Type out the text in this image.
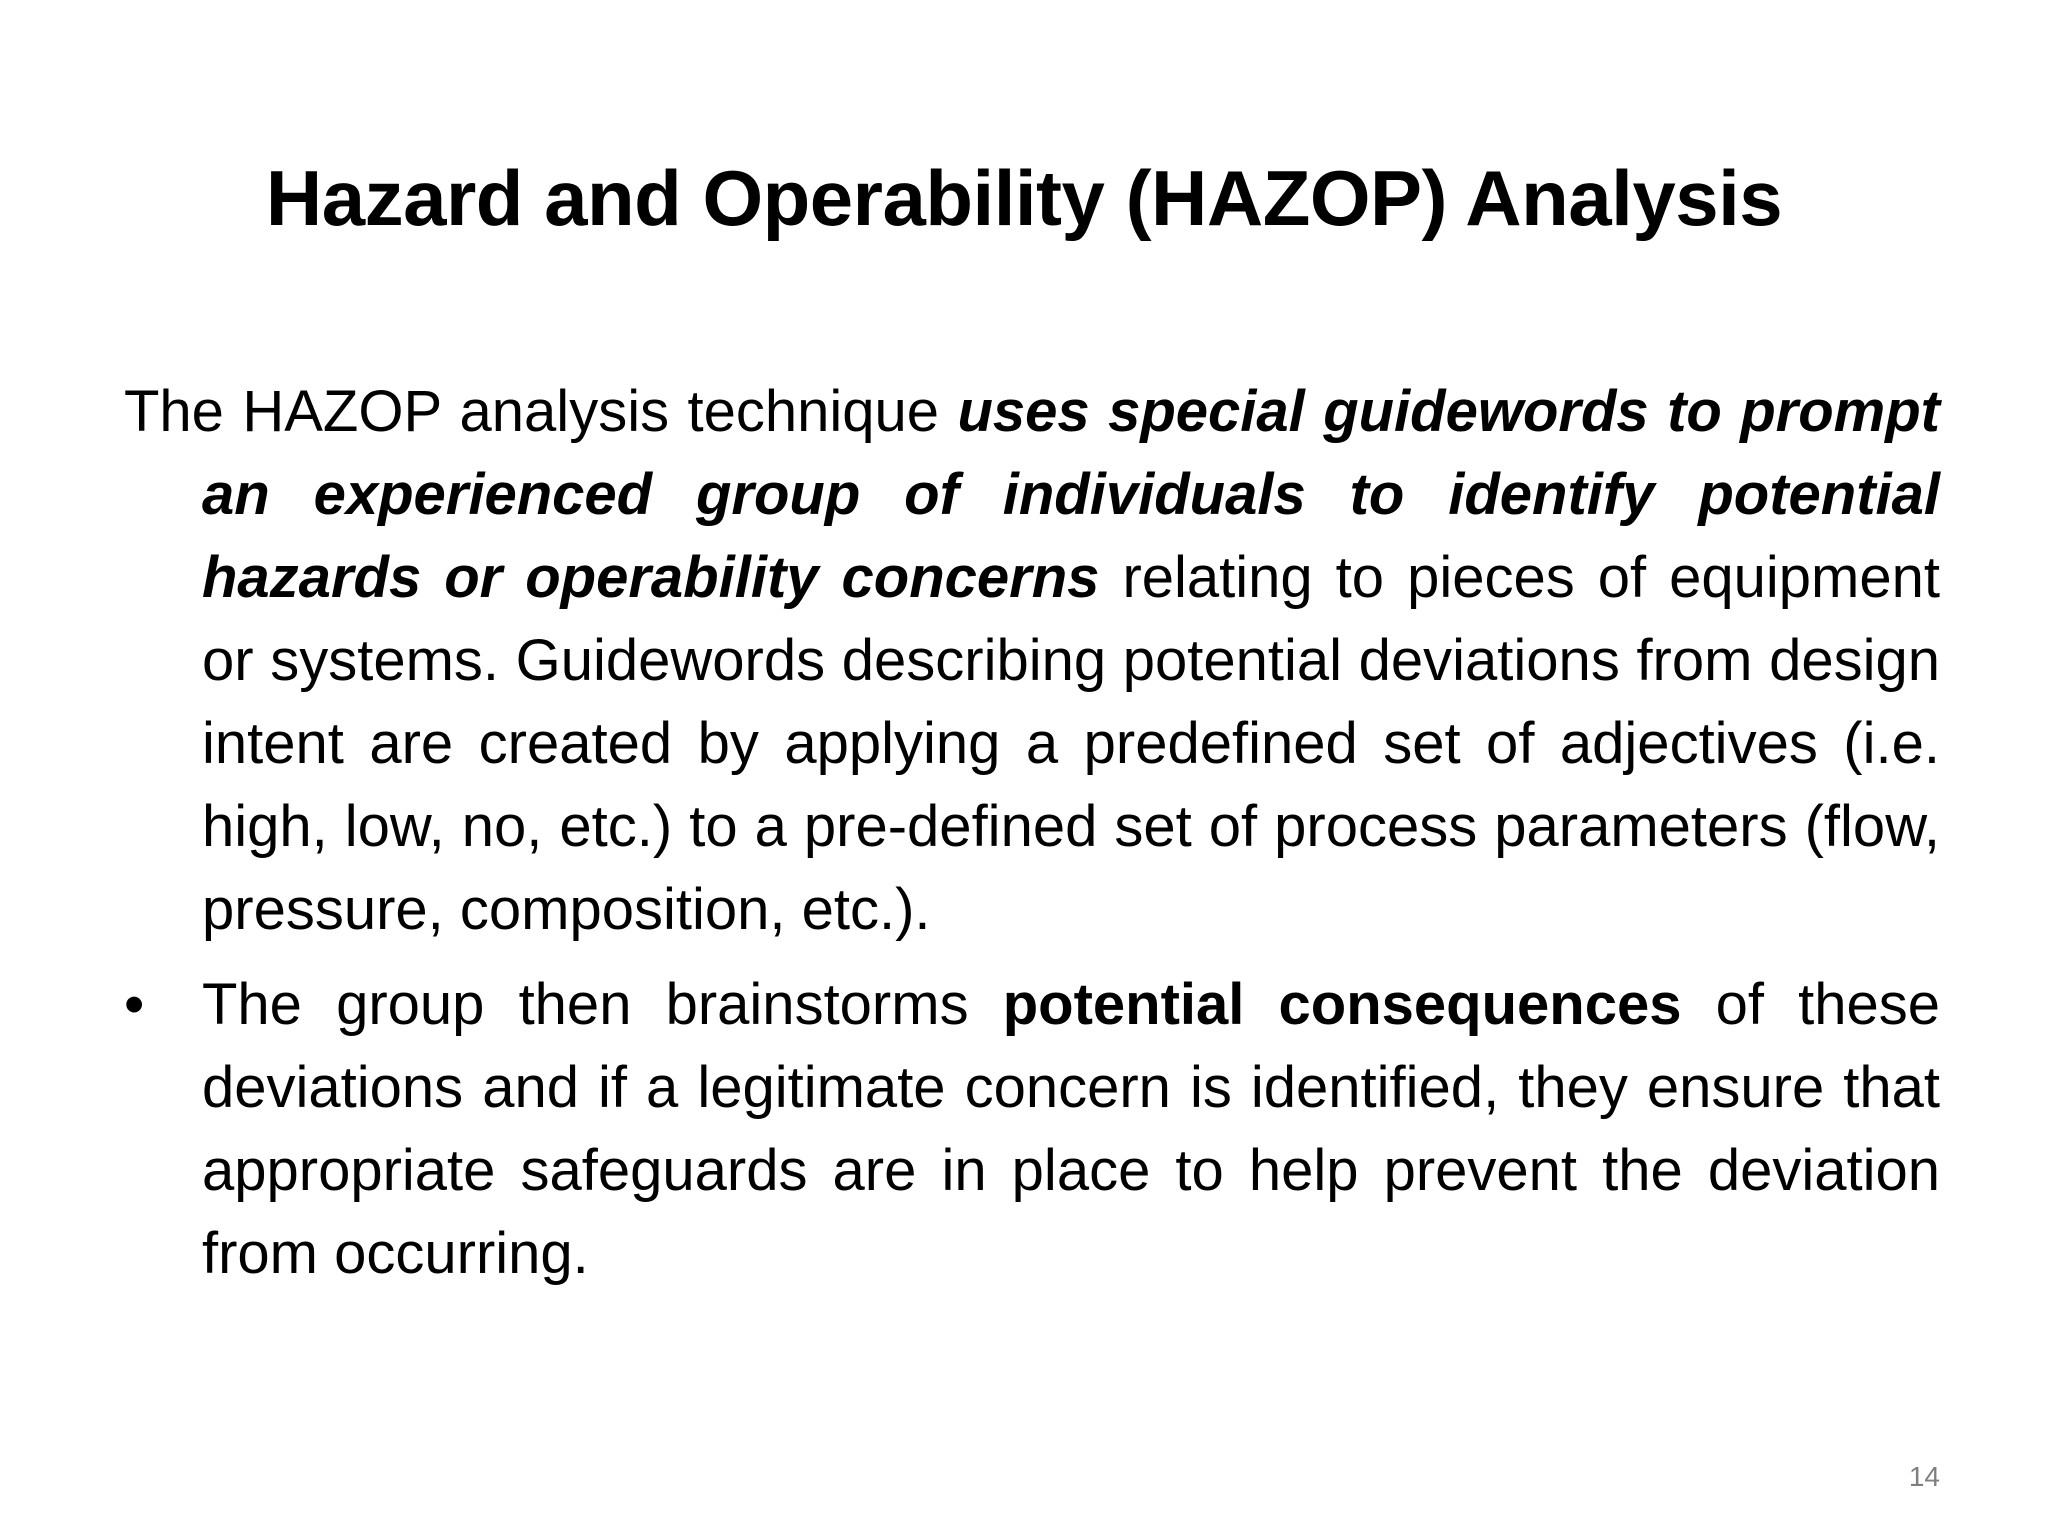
Hazard and Operability (HAZOP) Analysis

The HAZOP analysis technique uses special guidewords to prompt an experienced group of individuals to identify potential hazards or operability concerns relating to pieces of equipment or systems. Guidewords describing potential deviations from design intent are created by applying a predefined set of adjectives (i.e. high, low, no, etc.) to a pre-defined set of process parameters (flow, pressure, composition, etc.).

• The group then brainstorms potential consequences of these deviations and if a legitimate concern is identified, they ensure that appropriate safeguards are in place to help prevent the deviation from occurring.
14
